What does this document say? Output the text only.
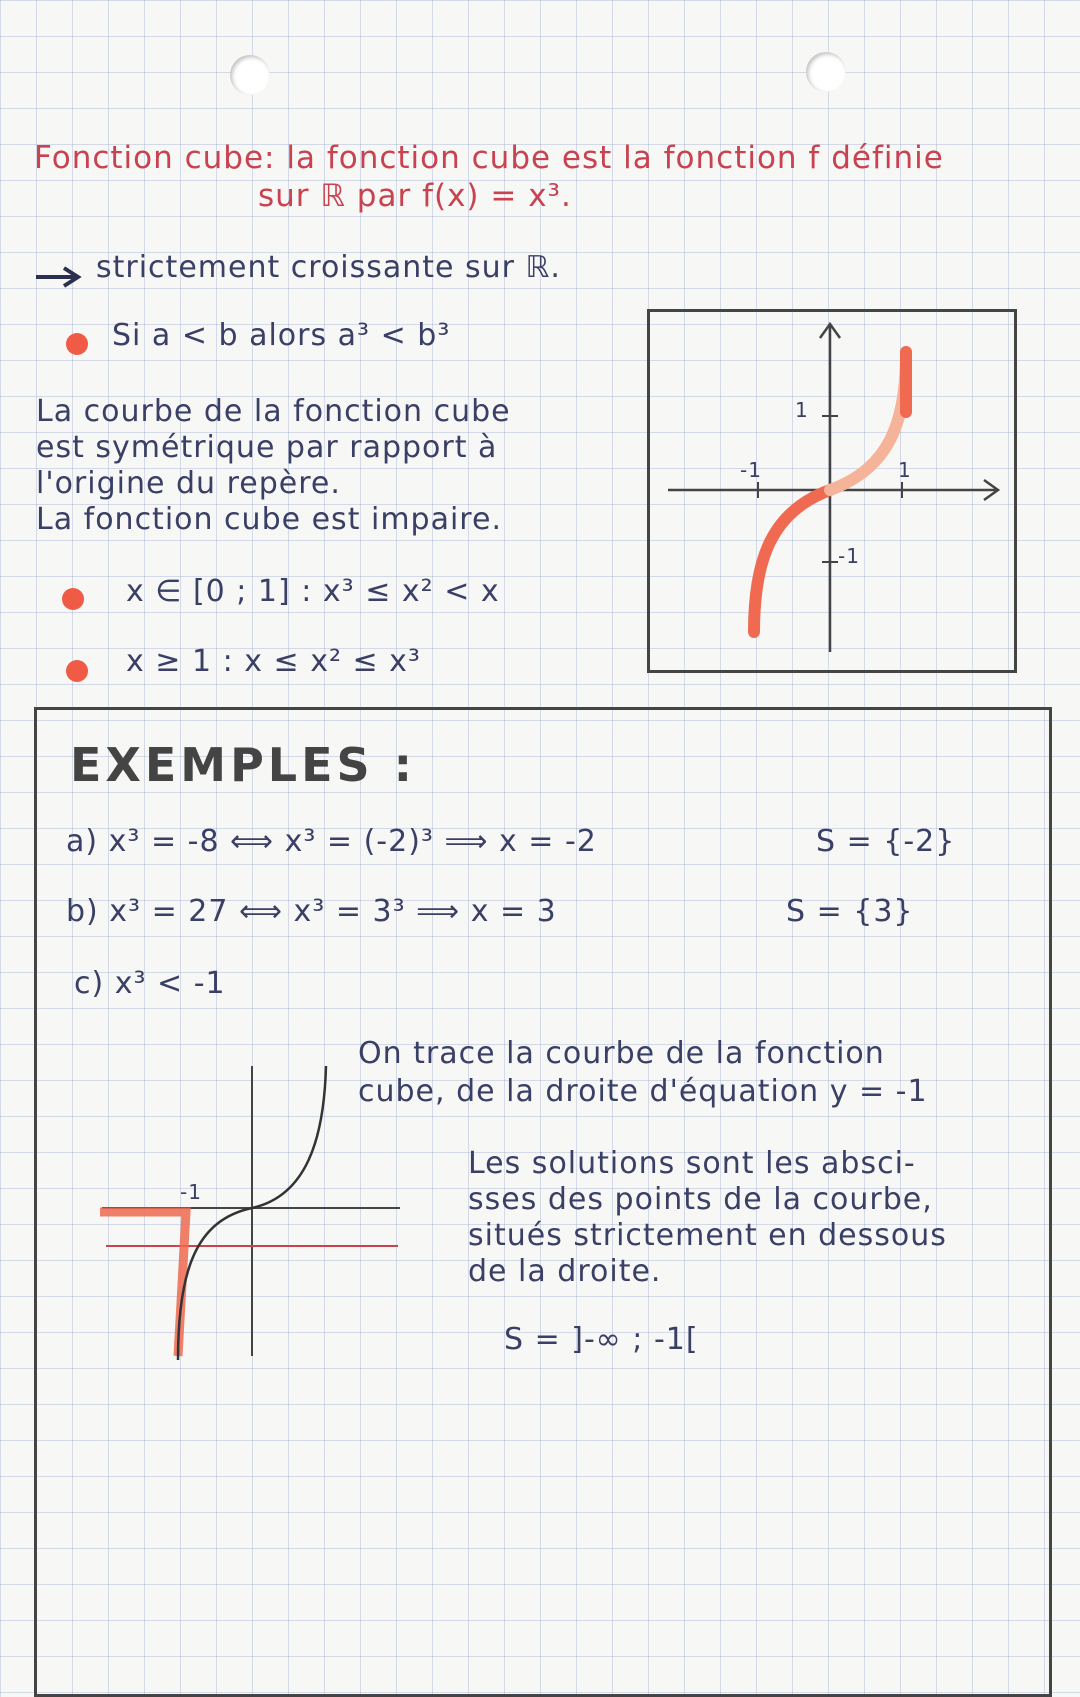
Fonction cube: la fonction cube est la fonction f définie
sur ℝ par f(x) = x³.
strictement croissante sur ℝ.
Si a < b alors a³ < b³
La courbe de la fonction cube
est symétrique par rapport à
l'origine du repère.
La fonction cube est impaire.
x ∈ [0 ; 1] : x³ ≤ x² < x
x ≥ 1 : x ≤ x² ≤ x³
1
-1	1
-1
EXEMPLES :
a) x³ = -8 ⟺ x³ = (-2)³ ⟹ x = -2	S = {-2}
b) x³ = 27 ⟺ x³ = 3³ ⟹ x = 3	S = {3}
c) x³ < -1
-1
On trace la courbe de la fonction
cube, de la droite d'équation y = -1
Les solutions sont les absci-
sses des points de la courbe,
situés strictement en dessous
de la droite.
S = ]-∞ ; -1[
